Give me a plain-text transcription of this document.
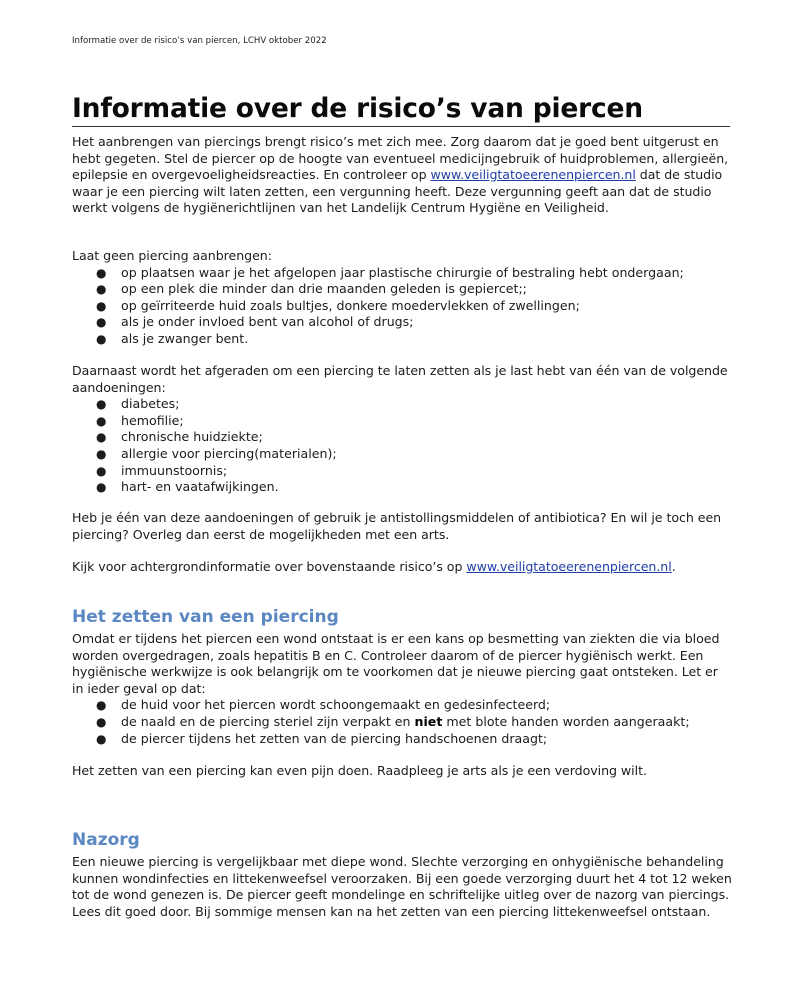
Informatie over de risico’s van piercen, LCHV oktober 2022
Informatie over de risico’s van piercen

Het aanbrengen van piercings brengt risico’s met zich mee. Zorg daarom dat je goed bent uitgerust en hebt gegeten. Stel de piercer op de hoogte van eventueel medicijngebruik of huidproblemen, allergieën, epilepsie en overgevoeligheidsreacties. En controleer op www.veiligtatoeerenenpiercen.nl dat de studio waar je een piercing wilt laten zetten, een vergunning heeft. Deze vergunning geeft aan dat de studio werkt volgens de hygiënerichtlijnen van het Landelijk Centrum Hygiëne en Veiligheid.

Laat geen piercing aanbrengen:

● op plaatsen waar je het afgelopen jaar plastische chirurgie of bestraling hebt ondergaan;
● op een plek die minder dan drie maanden geleden is gepiercet;;
● op geïrriteerde huid zoals bultjes, donkere moedervlekken of zwellingen;
● als je onder invloed bent van alcohol of drugs;
● als je zwanger bent.

Daarnaast wordt het afgeraden om een piercing te laten zetten als je last hebt van één van de volgende aandoeningen:

● diabetes;
● hemofilie;
● chronische huidziekte;
● allergie voor piercing(materialen);
● immuunstoornis;
● hart- en vaatafwijkingen.

Heb je één van deze aandoeningen of gebruik je antistollingsmiddelen of antibiotica? En wil je toch een piercing? Overleg dan eerst de mogelijkheden met een arts.

Kijk voor achtergrondinformatie over bovenstaande risico’s op www.veiligtatoeerenenpiercen.nl.

Het zetten van een piercing

Omdat er tijdens het piercen een wond ontstaat is er een kans op besmetting van ziekten die via bloed worden overgedragen, zoals hepatitis B en C. Controleer daarom of de piercer hygiënisch werkt. Een hygiënische werkwijze is ook belangrijk om te voorkomen dat je nieuwe piercing gaat ontsteken. Let er in ieder geval op dat:

● de huid voor het piercen wordt schoongemaakt en gedesinfecteerd;
● de naald en de piercing steriel zijn verpakt en niet met blote handen worden aangeraakt;
● de piercer tijdens het zetten van de piercing handschoenen draagt;

Het zetten van een piercing kan even pijn doen. Raadpleeg je arts als je een verdoving wilt.

Nazorg

Een nieuwe piercing is vergelijkbaar met diepe wond. Slechte verzorging en onhygiënische behandeling kunnen wondinfecties en littekenweefsel veroorzaken. Bij een goede verzorging duurt het 4 tot 12 weken tot de wond genezen is. De piercer geeft mondelinge en schriftelijke uitleg over de nazorg van piercings. Lees dit goed door. Bij sommige mensen kan na het zetten van een piercing littekenweefsel ontstaan.
